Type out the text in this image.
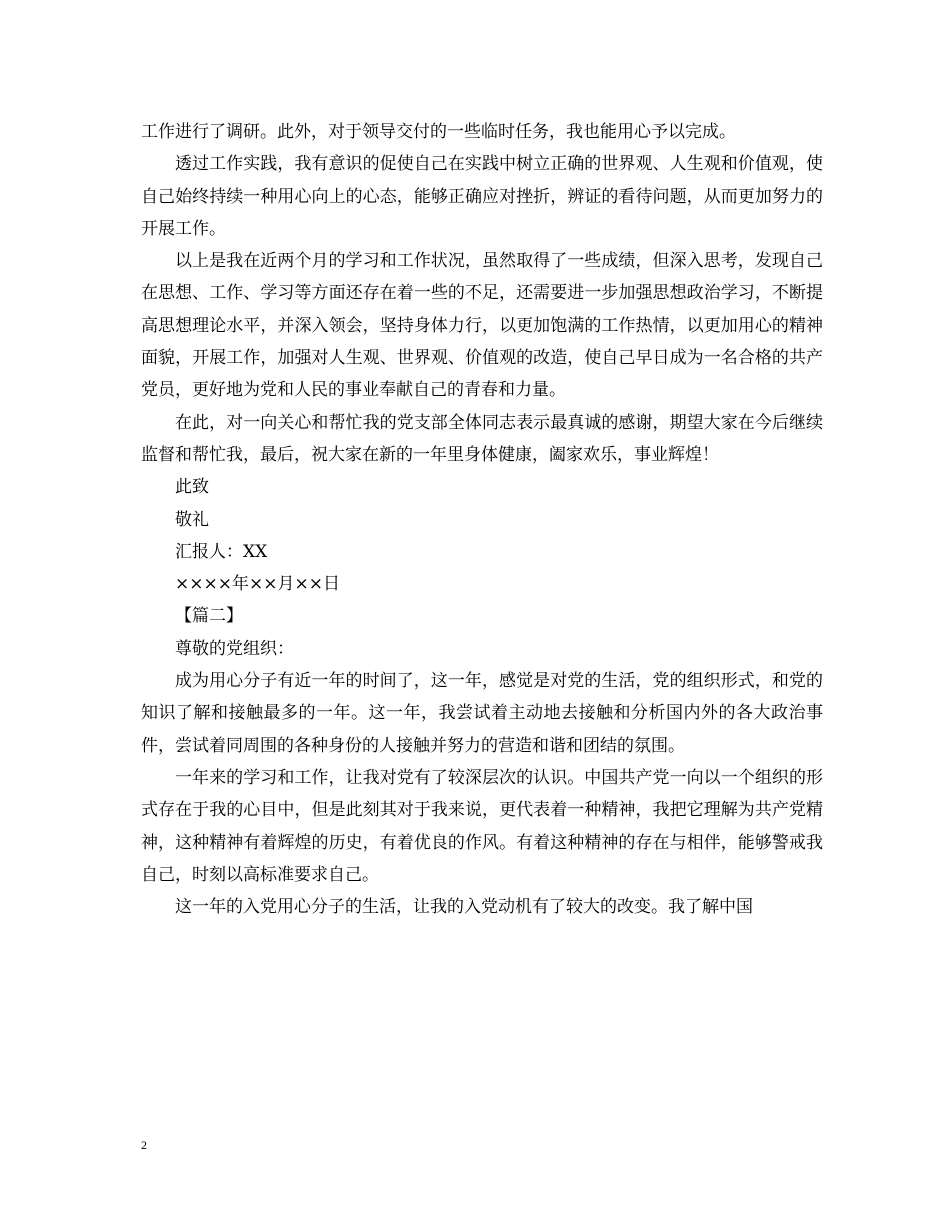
工作进行了调研。此外，对于领导交付的一些临时任务，我也能用心予以完成。

透过工作实践，我有意识的促使自己在实践中树立正确的世界观、人生观和价值观，使自己始终持续一种用心向上的心态，能够正确应对挫折，辨证的看待问题，从而更加努力的开展工作。

以上是我在近两个月的学习和工作状况，虽然取得了一些成绩，但深入思考，发现自己在思想、工作、学习等方面还存在着一些的不足，还需要进一步加强思想政治学习，不断提高思想理论水平，并深入领会，坚持身体力行，以更加饱满的工作热情，以更加用心的精神面貌，开展工作，加强对人生观、世界观、价值观的改造，使自己早日成为一名合格的共产党员，更好地为党和人民的事业奉献自己的青春和力量。

在此，对一向关心和帮忙我的党支部全体同志表示最真诚的感谢，期望大家在今后继续监督和帮忙我，最后，祝大家在新的一年里身体健康，阖家欢乐，事业辉煌！

此致

敬礼

汇报人：XX

××××年××月××日

【篇二】

尊敬的党组织：

成为用心分子有近一年的时间了，这一年，感觉是对党的生活，党的组织形式，和党的知识了解和接触最多的一年。这一年，我尝试着主动地去接触和分析国内外的各大政治事件，尝试着同周围的各种身份的人接触并努力的营造和谐和团结的氛围。

一年来的学习和工作，让我对党有了较深层次的认识。中国共产党一向以一个组织的形式存在于我的心目中，但是此刻其对于我来说，更代表着一种精神，我把它理解为共产党精神，这种精神有着辉煌的历史，有着优良的作风。有着这种精神的存在与相伴，能够警戒我自己，时刻以高标准要求自己。

这一年的入党用心分子的生活，让我的入党动机有了较大的改变。我了解中国

2
